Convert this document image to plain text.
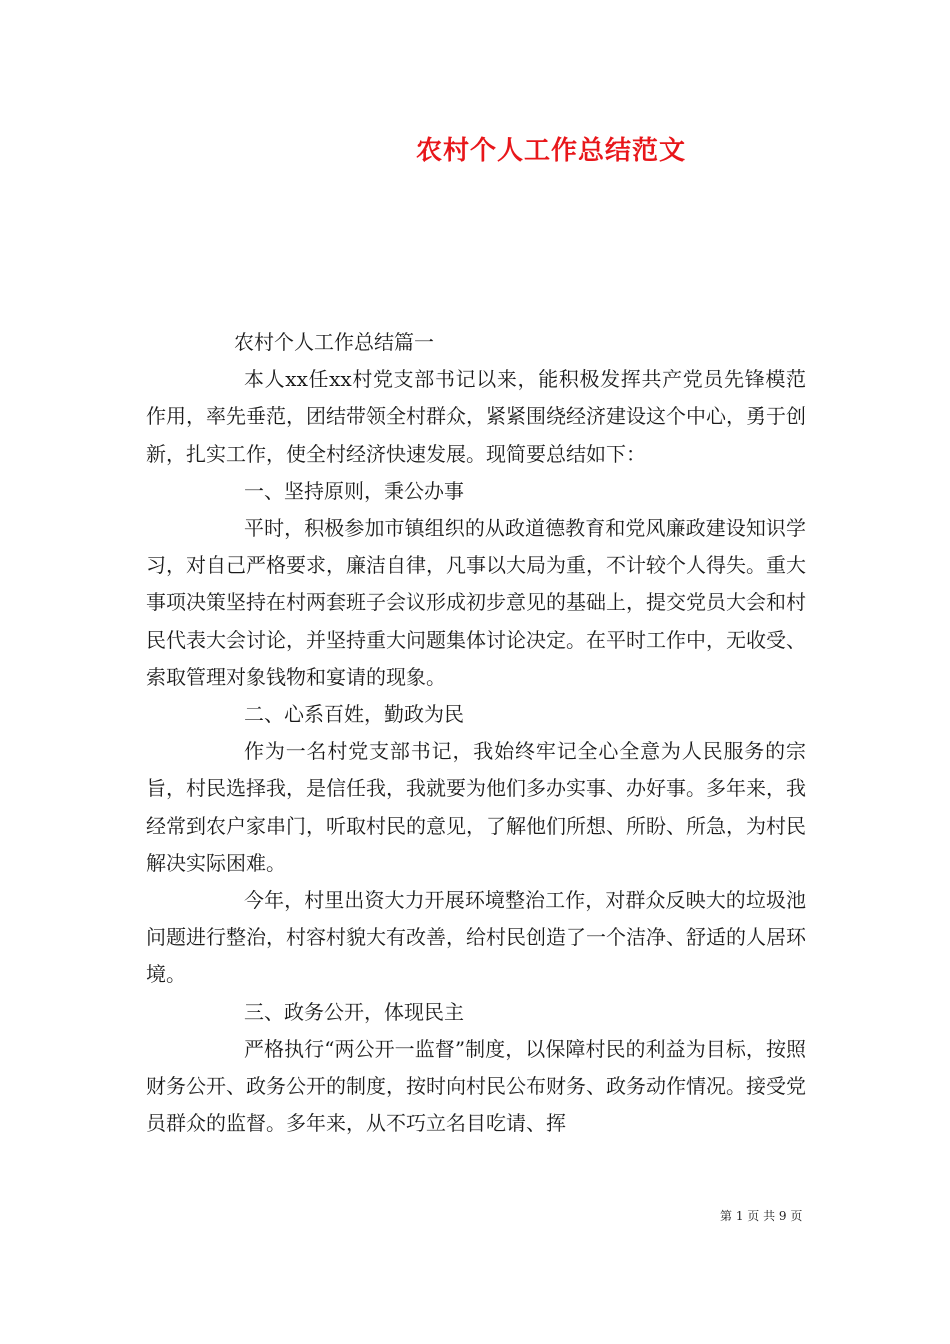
农村个人工作总结范文

农村个人工作总结篇一

本人xx任xx村党支部书记以来，能积极发挥共产党员先锋模范作用，率先垂范，团结带领全村群众，紧紧围绕经济建设这个中心，勇于创新，扎实工作，使全村经济快速发展。现简要总结如下：

一、坚持原则，秉公办事

平时，积极参加市镇组织的从政道德教育和党风廉政建设知识学习，对自己严格要求，廉洁自律，凡事以大局为重，不计较个人得失。重大事项决策坚持在村两套班子会议形成初步意见的基础上，提交党员大会和村民代表大会讨论，并坚持重大问题集体讨论决定。在平时工作中，无收受、索取管理对象钱物和宴请的现象。

二、心系百姓，勤政为民

作为一名村党支部书记，我始终牢记全心全意为人民服务的宗旨，村民选择我，是信任我，我就要为他们多办实事、办好事。多年来，我经常到农户家串门，听取村民的意见，了解他们所想、所盼、所急，为村民解决实际困难。

今年，村里出资大力开展环境整治工作，对群众反映大的垃圾池问题进行整治，村容村貌大有改善，给村民创造了一个洁净、舒适的人居环境。

三、政务公开，体现民主

严格执行“两公开一监督”制度，以保障村民的利益为目标，按照财务公开、政务公开的制度，按时向村民公布财务、政务动作情况。接受党员群众的监督。多年来，从不巧立名目吃请、挥

第 1 页 共 9 页
